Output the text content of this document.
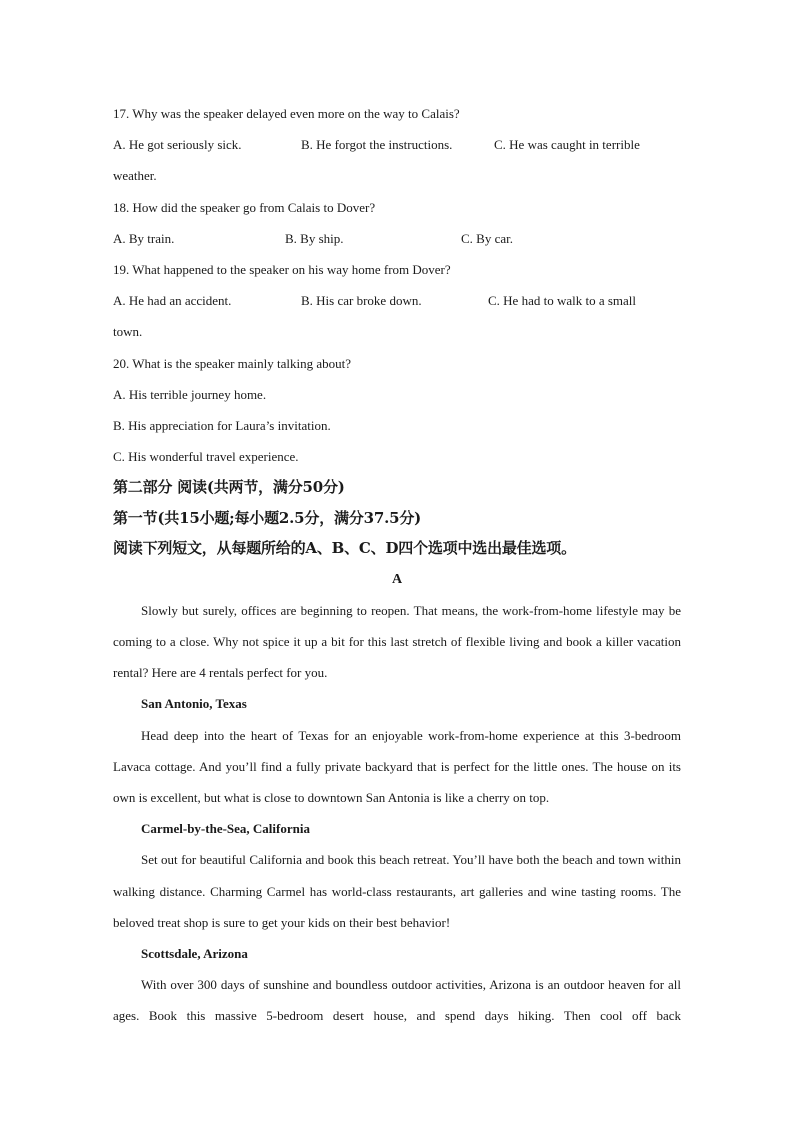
17. Why was the speaker delayed even more on the way to Calais?
A. He got seriously sick.	B. He forgot the instructions.	C. He was caught in terrible
weather.
18. How did the speaker go from Calais to Dover?
A. By train.	B. By ship.	C. By car.
19. What happened to the speaker on his way home from Dover?
A. He had an accident.	B. His car broke down.	C. He had to walk to a small
town.
20. What is the speaker mainly talking about?
A. His terrible journey home.
B. His appreciation for Laura’s invitation.
C. His wonderful travel experience.
第二部分 阅读(共两节，满分50分)
第一节(共15小题;每小题2.5分，满分37.5分)
阅读下列短文，从每题所给的A、B、C、D四个选项中选出最佳选项。
A

Slowly but surely, offices are beginning to reopen. That means, the work-from-home lifestyle may be coming to a close. Why not spice it up a bit for this last stretch of flexible living and book a killer vacation rental? Here are 4 rentals perfect for you.

San Antonio, Texas

Head deep into the heart of Texas for an enjoyable work-from-home experience at this 3-bedroom Lavaca cottage. And you’ll find a fully private backyard that is perfect for the little ones. The house on its own is excellent, but what is close to downtown San Antonia is like a cherry on top.

Carmel-by-the-Sea, California

Set out for beautiful California and book this beach retreat. You’ll have both the beach and town within walking distance. Charming Carmel has world-class restaurants, art galleries and wine tasting rooms. The beloved treat shop is sure to get your kids on their best behavior!

Scottsdale, Arizona

With over 300 days of sunshine and boundless outdoor activities, Arizona is an outdoor heaven for all ages. Book this massive 5-bedroom desert house, and spend days hiking. Then cool off back
